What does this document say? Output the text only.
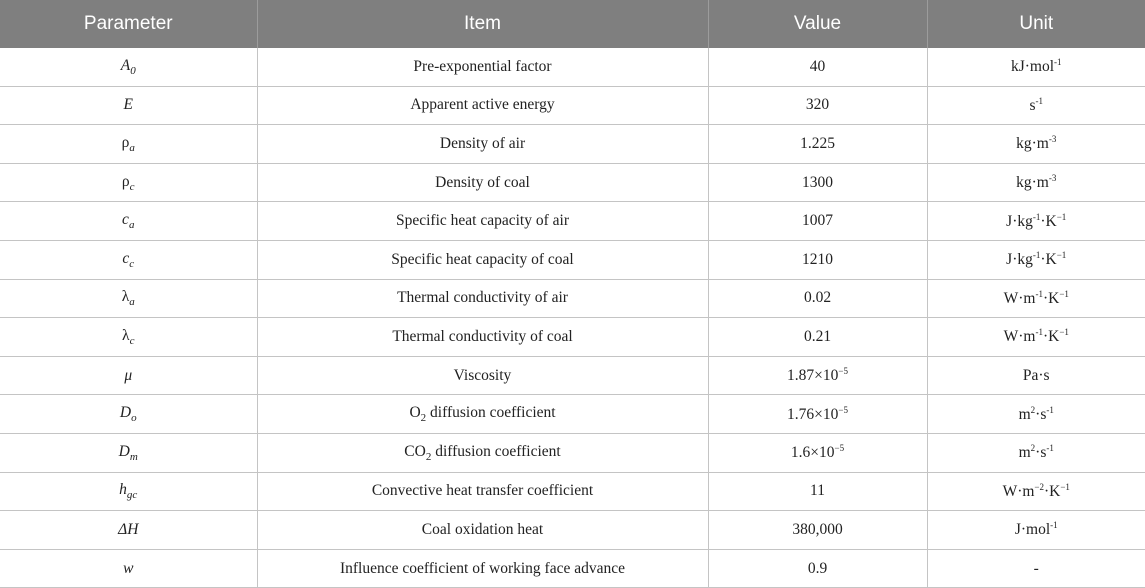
Parameter	Item	Value	Unit
$A_0$	Pre-exponential factor	40	kJ·mol$^{-1}$
E	Apparent active energy	320	$s^{-1}$
$\rho_a$	Density of air	1.225	$kg\cdot m^{-3}$
$\rho_c$	Density of coal	1300	$kg\cdot m^{-3}$
$c_a$	Specific heat capacity of air	1007	$J\cdot kg^{-1}\cdot K^{-1}$
$c_c$	Specific heat capacity of coal	1210	$J\cdot kg^{-1}\cdot K^{-1}$
$\lambda_a$	Thermal conductivity of air	0.02	$W\cdot m^{-1}\cdot K^{-1}$
$\lambda_c$	Thermal conductivity of coal	0.21	$W\cdot m^{-1}\cdot K^{-1}$
μ	Viscosity	$1.87\times 10^{-5}$	Pa·s
$D_o$	$O_2$ diffusion coefficient	$1.76\times 10^{-5}$	$m^2\cdot s^{-1}$
$D_m$	$CO_2$ diffusion coefficient	$1.6\times 10^{-5}$	$m^2\cdot s^{-1}$
$h_{gc}$	Convective heat transfer coefficient	11	$W\cdot m^{-2}\cdot K^{-1}$
ΔH	Coal oxidation heat	380,000	J·mol$^{-1}$
w	Influence coefficient of working face advance	0.9	-
